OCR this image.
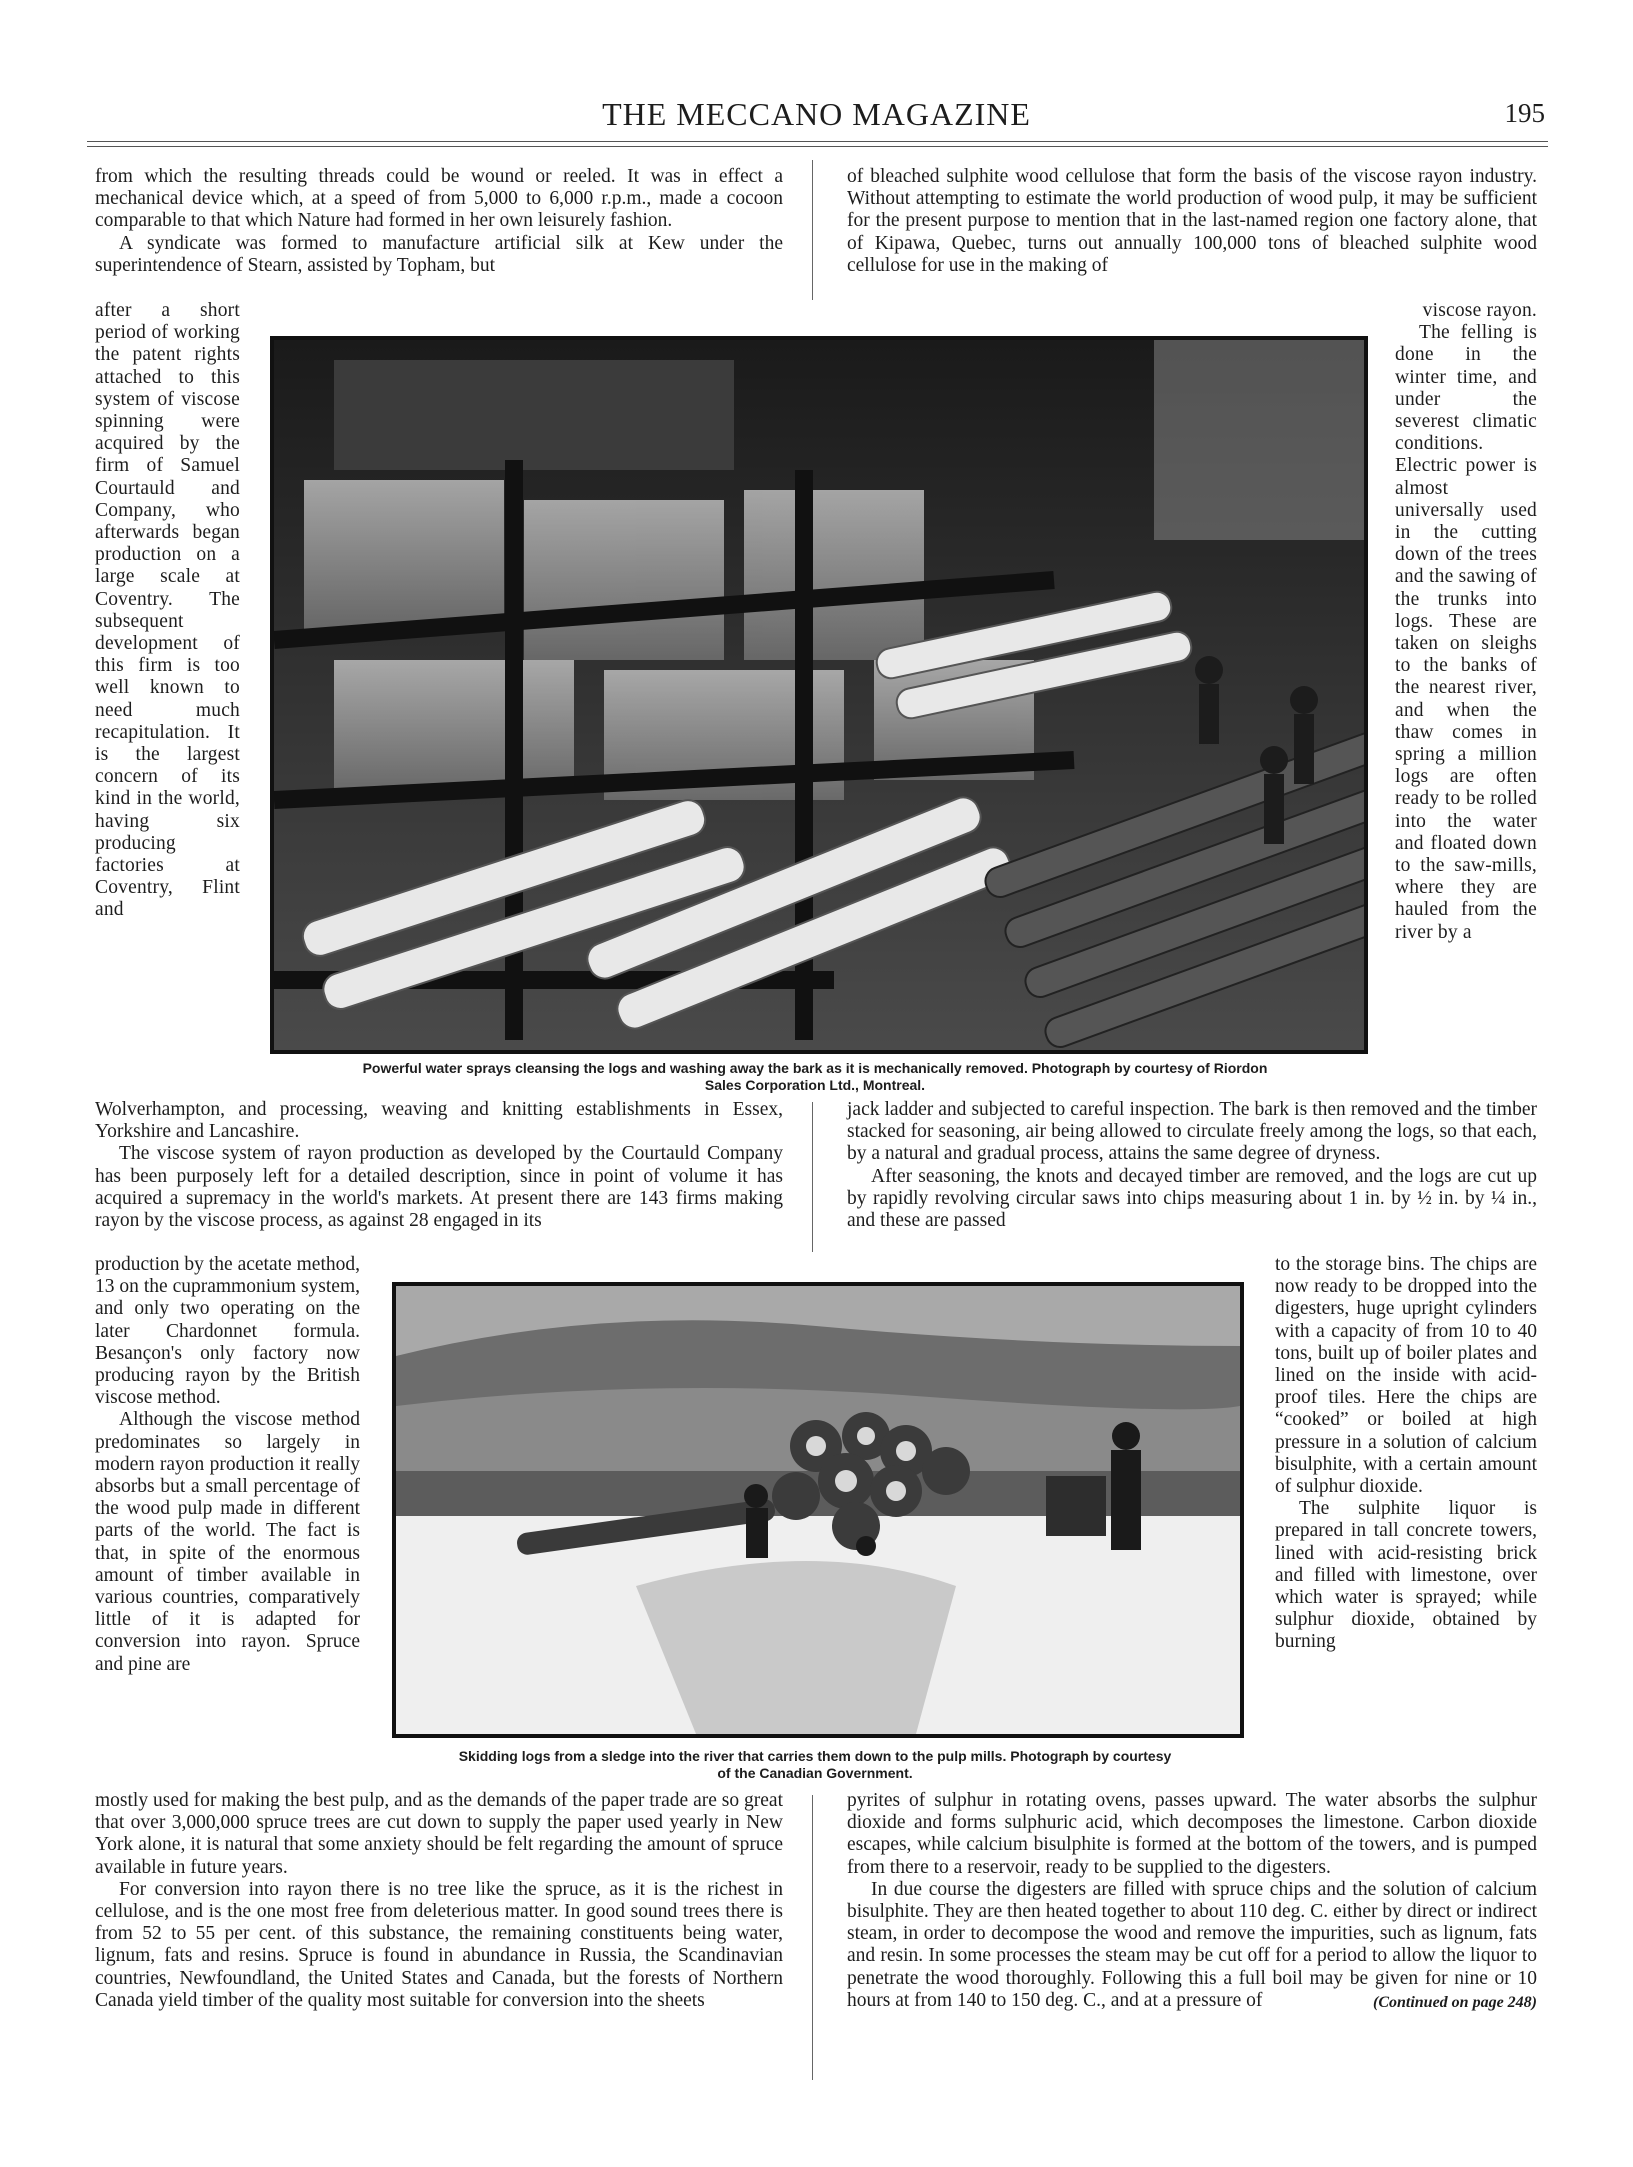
THE MECCANO MAGAZINE	195

from which the resulting threads could be wound or reeled. It was in effect a mechanical device which, at a speed of from 5,000 to 6,000 r.p.m., made a cocoon comparable to that which Nature had formed in her own leisurely fashion.

A syndicate was formed to manufacture artificial silk at Kew under the superintendence of Stearn, assisted by Topham, but

after a short period of working the patent rights attached to this system of viscose spinning were acquired by the firm of Samuel Courtauld and Company, who afterwards began production on a large scale at Coventry. The subsequent development of this firm is too well known to need much recapitulation. It is the largest concern of its kind in the world, having six producing factories at Coventry, Flint and

Wolverhampton, and processing, weaving and knitting establishments in Essex, Yorkshire and Lancashire.

The viscose system of rayon production as developed by the Courtauld Company has been purposely left for a detailed description, since in point of volume it has acquired a supremacy in the world's markets. At present there are 143 firms making rayon by the viscose process, as against 28 engaged in its

production by the acetate method, 13 on the cuprammonium system, and only two operating on the later Chardonnet formula. Besançon's only factory now producing rayon by the British viscose method.

Although the viscose method predominates so largely in modern rayon production it really absorbs but a small percentage of the wood pulp made in different parts of the world. The fact is that, in spite of the enormous amount of timber available in various countries, comparatively little of it is adapted for conversion into rayon. Spruce and pine are

mostly used for making the best pulp, and as the demands of the paper trade are so great that over 3,000,000 spruce trees are cut down to supply the paper used yearly in New York alone, it is natural that some anxiety should be felt regarding the amount of spruce available in future years.

For conversion into rayon there is no tree like the spruce, as it is the richest in cellulose, and is the one most free from deleterious matter. In good sound trees there is from 52 to 55 per cent. of this substance, the remaining constituents being water, lignum, fats and resins. Spruce is found in abundance in Russia, the Scandinavian countries, Newfoundland, the United States and Canada, but the forests of Northern Canada yield timber of the quality most suitable for conversion into the sheets

of bleached sulphite wood cellulose that form the basis of the viscose rayon industry. Without attempting to estimate the world production of wood pulp, it may be sufficient for the present purpose to mention that in the last-named region one factory alone, that of Kipawa, Quebec, turns out annually 100,000 tons of bleached sulphite wood cellulose for use in the making of

viscose rayon.

The felling is done in the winter time, and under the severest climatic conditions. Electric power is almost universally used in the cutting down of the trees and the sawing of the trunks into logs. These are taken on sleighs to the banks of the nearest river, and when the thaw comes in spring a million logs are often ready to be rolled into the water and floated down to the saw-mills, where they are hauled from the river by a

jack ladder and subjected to careful inspection. The bark is then removed and the timber stacked for seasoning, air being allowed to circulate freely among the logs, so that each, by a natural and gradual process, attains the same degree of dryness.

After seasoning, the knots and decayed timber are removed, and the logs are cut up by rapidly revolving circular saws into chips measuring about 1 in. by ½ in. by ¼ in., and these are passed

to the storage bins. The chips are now ready to be dropped into the digesters, huge upright cylinders with a capacity of from 10 to 40 tons, built up of boiler plates and lined on the inside with acid-proof tiles. Here the chips are “cooked” or boiled at high pressure in a solution of calcium bisulphite, with a certain amount of sulphur dioxide.

The sulphite liquor is prepared in tall concrete towers, lined with acid-resisting brick and filled with limestone, over which water is sprayed; while sulphur dioxide, obtained by burning

pyrites of sulphur in rotating ovens, passes upward. The water absorbs the sulphur dioxide and forms sulphuric acid, which decomposes the limestone. Carbon dioxide escapes, while calcium bisulphite is formed at the bottom of the towers, and is pumped from there to a reservoir, ready to be supplied to the digesters.

In due course the digesters are filled with spruce chips and the solution of calcium bisulphite. They are then heated together to about 110 deg. C. either by direct or indirect steam, in order to decompose the wood and remove the impurities, such as lignum, fats and resin. In some processes the steam may be cut off for a period to allow the liquor to penetrate the wood thoroughly. Following this a full boil may be given for nine or 10 hours at from 140 to 150 deg. C., and at a pressure of	(Continued on page 248)

Powerful water sprays cleansing the logs and washing away the bark as it is mechanically removed. Photograph by courtesy of Riordon
Sales Corporation Ltd., Montreal.
Skidding logs from a sledge into the river that carries them down to the pulp mills. Photograph by courtesy
of the Canadian Government.
